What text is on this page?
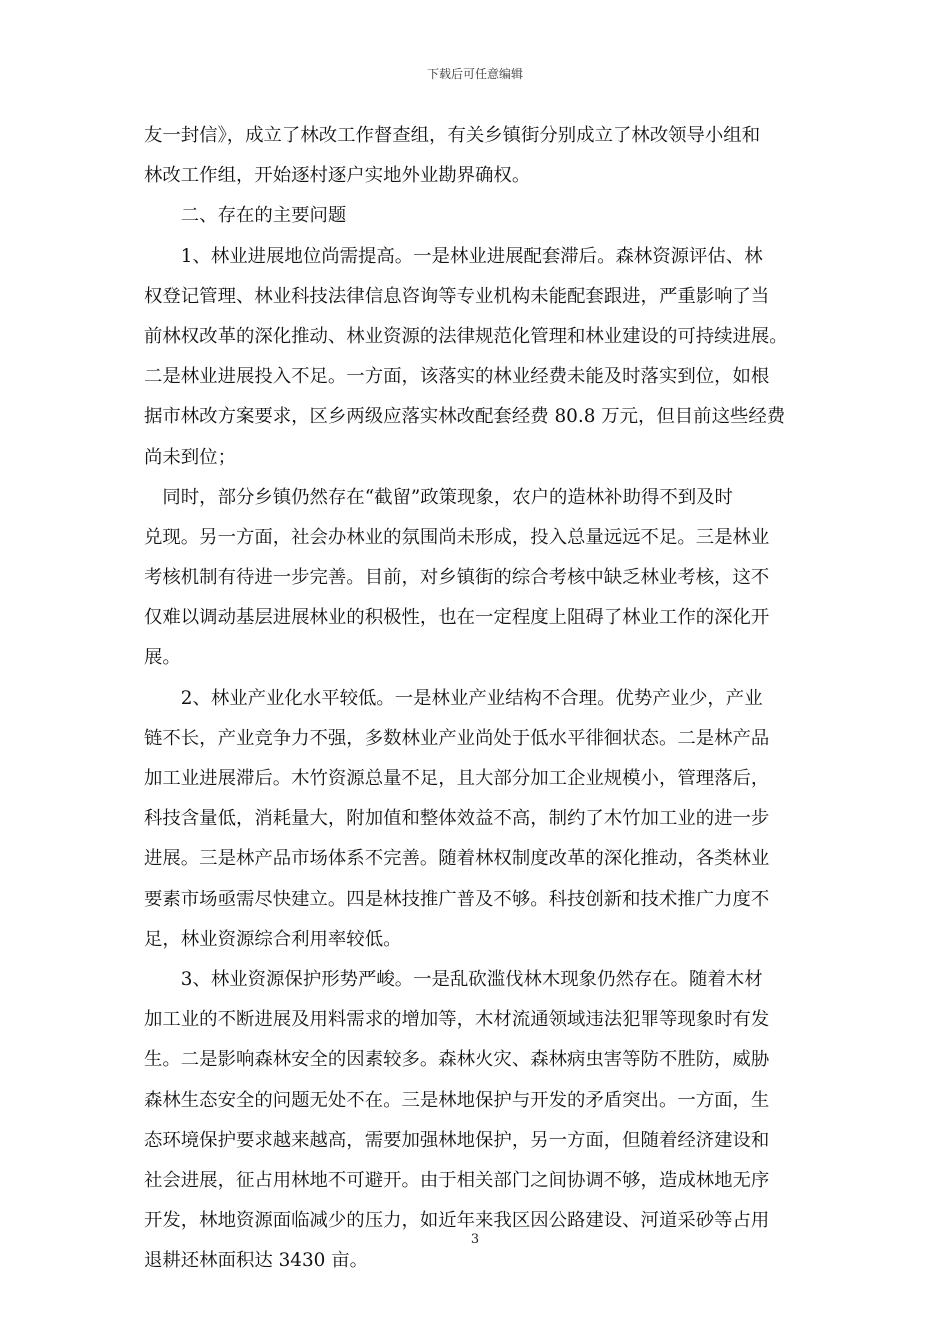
下载后可任意编辑
友一封信》，成立了林改工作督查组，有关乡镇街分别成立了林改领导小组和
林改工作组，开始逐村逐户实地外业勘界确权。
　　二、存在的主要问题
　　1、林业进展地位尚需提高。一是林业进展配套滞后。森林资源评估、林
权登记管理、林业科技法律信息咨询等专业机构未能配套跟进，严重影响了当
前林权改革的深化推动、林业资源的法律规范化管理和林业建设的可持续进展。
二是林业进展投入不足。一方面，该落实的林业经费未能及时落实到位，如根
据市林改方案要求，区乡两级应落实林改配套经费 80.8 万元，但目前这些经费
尚未到位；
　同时，部分乡镇仍然存在“截留”政策现象，农户的造林补助得不到及时
兑现。另一方面，社会办林业的氛围尚未形成，投入总量远远不足。三是林业
考核机制有待进一步完善。目前，对乡镇街的综合考核中缺乏林业考核，这不
仅难以调动基层进展林业的积极性，也在一定程度上阻碍了林业工作的深化开
展。
　　2、林业产业化水平较低。一是林业产业结构不合理。优势产业少，产业
链不长，产业竞争力不强，多数林业产业尚处于低水平徘徊状态。二是林产品
加工业进展滞后。木竹资源总量不足，且大部分加工企业规模小，管理落后，
科技含量低，消耗量大，附加值和整体效益不高，制约了木竹加工业的进一步
进展。三是林产品市场体系不完善。随着林权制度改革的深化推动，各类林业
要素市场亟需尽快建立。四是林技推广普及不够。科技创新和技术推广力度不
足，林业资源综合利用率较低。
　　3、林业资源保护形势严峻。一是乱砍滥伐林木现象仍然存在。随着木材
加工业的不断进展及用料需求的增加等，木材流通领域违法犯罪等现象时有发
生。二是影响森林安全的因素较多。森林火灾、森林病虫害等防不胜防，威胁
森林生态安全的问题无处不在。三是林地保护与开发的矛盾突出。一方面，生
态环境保护要求越来越高，需要加强林地保护，另一方面，但随着经济建设和
社会进展，征占用林地不可避开。由于相关部门之间协调不够，造成林地无序
开发，林地资源面临减少的压力，如近年来我区因公路建设、河道采砂等占用
退耕还林面积达 3430 亩。
3
